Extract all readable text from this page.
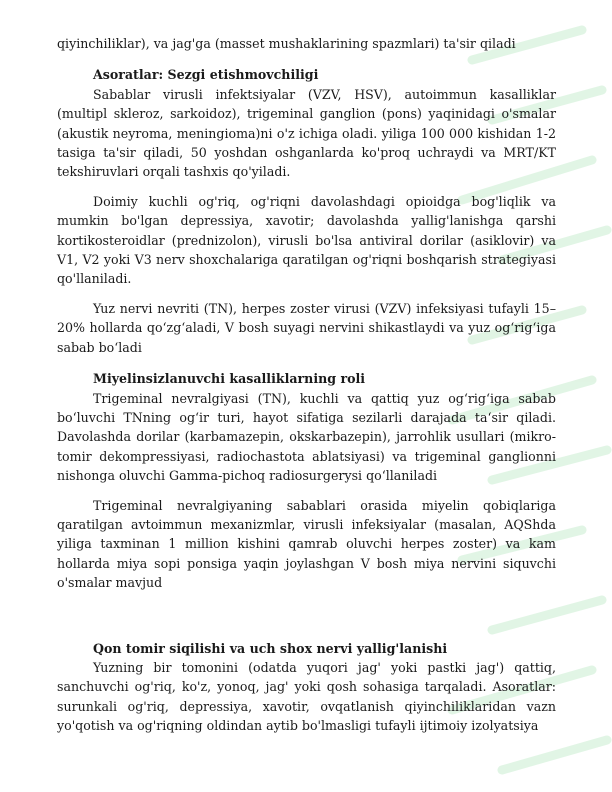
qiyinchiliklar), va jag'ga (masset mushaklarining spazmlari) ta'sir qiladi

Asoratlar: Sezgi etishmovchiligi

Sabablar virusli infektsiyalar (VZV, HSV), autoimmun kasalliklar (multipl skleroz, sarkoidoz), trigeminal ganglion (pons) yaqinidagi o'smalar (akustik neyroma, meningioma)ni o'z ichiga oladi. yiliga 100 000 kishidan 1-2 tasiga ta'sir qiladi, 50 yoshdan oshganlarda ko'proq uchraydi va MRT/KT tekshiruvlari orqali tashxis qo'yiladi.

Doimiy kuchli og'riq, og'riqni davolashdagi opioidga bog'liqlik va mumkin bo'lgan depressiya, xavotir; davolashda yallig'lanishga qarshi kortikosteroidlar (prednizolon), virusli bo'lsa antiviral dorilar (asiklovir) va V1, V2 yoki V3 nerv shoxchalariga qaratilgan og'riqni boshqarish strategiyasi qo'llaniladi.

Yuz nervi nevriti (TN), herpes zoster virusi (VZV) infeksiyasi tufayli 15–20% hollarda qo‘zg‘aladi, V bosh suyagi nervini shikastlaydi va yuz og‘rig‘iga sabab bo‘ladi

Miyelinsizlanuvchi kasalliklarning roli

Trigeminal nevralgiyasi (TN), kuchli va qattiq yuz og‘rig‘iga sabab bo‘luvchi TNning og‘ir turi, hayot sifatiga sezilarli darajada ta‘sir qiladi. Davolashda dorilar (karbamazepin, okskarbazepin), jarrohlik usullari (mikro-tomir dekompressiyasi, radiochastota ablatsiyasi) va trigeminal ganglionni nishonga oluvchi Gamma-pichoq radiosurgerysi qo‘llaniladi

Trigeminal nevralgiyaning sabablari orasida miyelin qobiqlariga qaratilgan avtoimmun mexanizmlar, virusli infeksiyalar (masalan, AQShda yiliga taxminan 1 million kishini qamrab oluvchi herpes zoster) va kam hollarda miya sopi ponsiga yaqin joylashgan V bosh miya nervini siquvchi o'smalar mavjud

Qon tomir siqilishi va uch shox nervi yallig'lanishi

Yuzning bir tomonini (odatda yuqori jag' yoki pastki jag') qattiq, sanchuvchi og'riq, ko'z, yonoq, jag' yoki qosh sohasiga tarqaladi. Asoratlar: surunkali og'riq, depressiya, xavotir, ovqatlanish qiyinchiliklaridan vazn yo'qotish va og'riqning oldindan aytib bo'lmasligi tufayli ijtimoiy izolyatsiya
